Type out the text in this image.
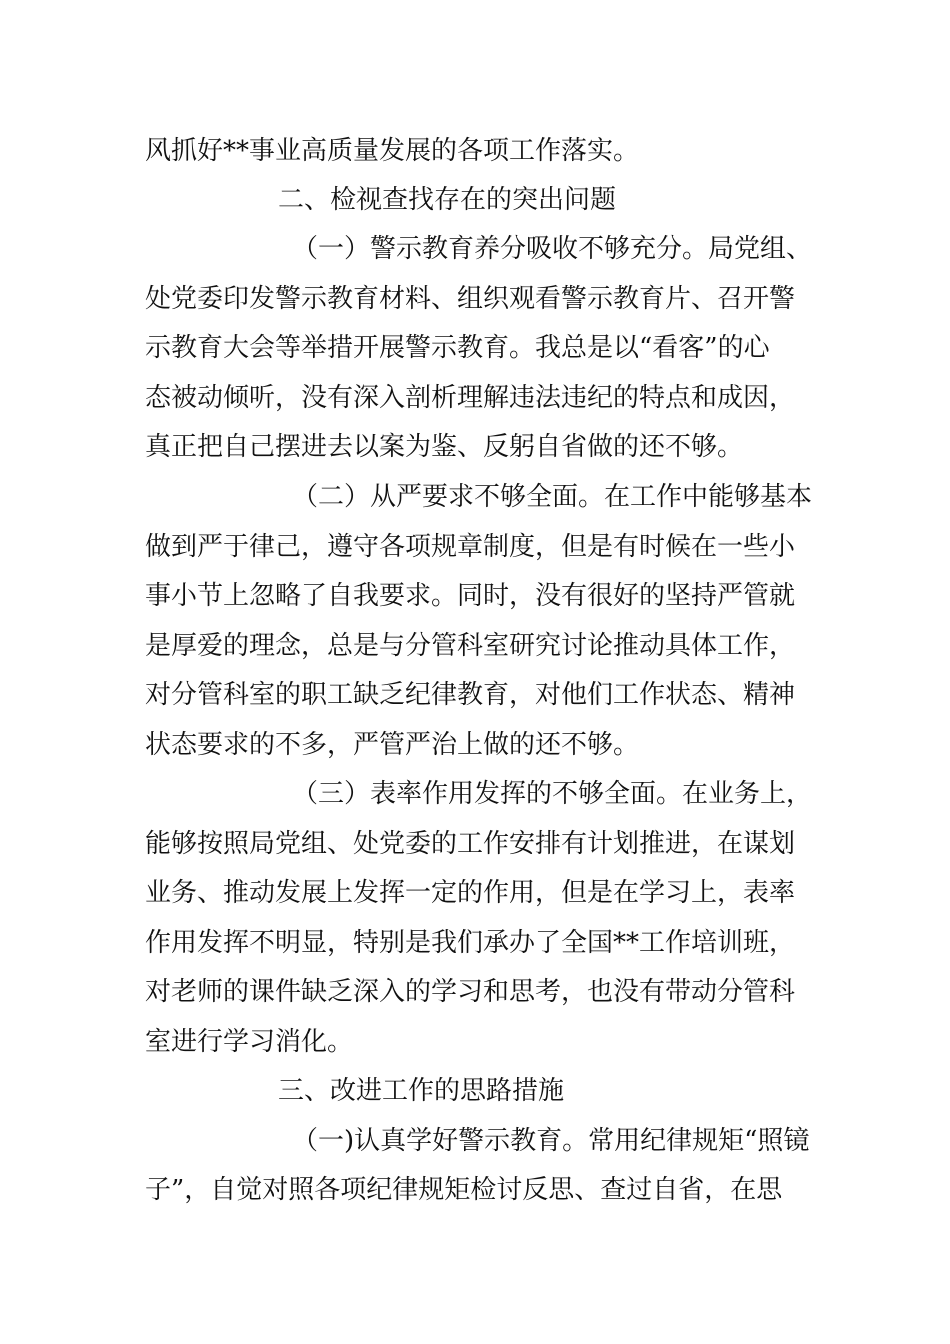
风抓好**事业高质量发展的各项工作落实。
二、检视查找存在的突出问题
（一）警示教育养分吸收不够充分。局党组、
处党委印发警示教育材料、组织观看警示教育片、召开警
示教育大会等举措开展警示教育。我总是以“看客”的心
态被动倾听，没有深入剖析理解违法违纪的特点和成因，
真正把自己摆进去以案为鉴、反躬自省做的还不够。
（二）从严要求不够全面。在工作中能够基本
做到严于律己，遵守各项规章制度，但是有时候在一些小
事小节上忽略了自我要求。同时，没有很好的坚持严管就
是厚爱的理念，总是与分管科室研究讨论推动具体工作，
对分管科室的职工缺乏纪律教育，对他们工作状态、精神
状态要求的不多，严管严治上做的还不够。
（三）表率作用发挥的不够全面。在业务上，
能够按照局党组、处党委的工作安排有计划推进，在谋划
业务、推动发展上发挥一定的作用，但是在学习上，表率
作用发挥不明显，特别是我们承办了全国**工作培训班，
对老师的课件缺乏深入的学习和思考，也没有带动分管科
室进行学习消化。
三、改进工作的思路措施
（一)认真学好警示教育。常用纪律规矩“照镜
子”，自觉对照各项纪律规矩检讨反思、查过自省，在思
